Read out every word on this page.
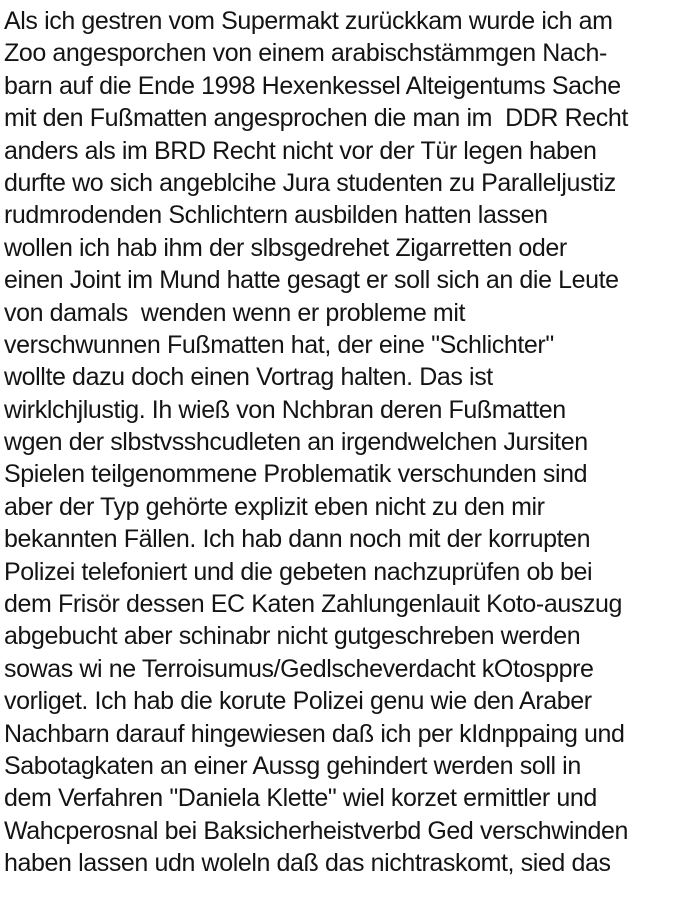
Als ich gestren vom Supermakt zurückkam wurde ich am
Zoo angesporchen von einem arabischstämmgen Nach-
barn auf die Ende 1998 Hexenkessel Alteigentums Sache
mit den Fußmatten angesprochen die man im  DDR Recht
anders als im BRD Recht nicht vor der Tür legen haben
durfte wo sich angeblcihe Jura studenten zu Paralleljustiz
rudmrodenden Schlichtern ausbilden hatten lassen
wollen ich hab ihm der slbsgedrehet Zigarretten oder
einen Joint im Mund hatte gesagt er soll sich an die Leute
von damals  wenden wenn er probleme mit
verschwunnen Fußmatten hat, der eine "Schlichter"
wollte dazu doch einen Vortrag halten. Das ist
wirklchjlustig. Ih wieß von Nchbran deren Fußmatten
wgen der slbstvsshcudleten an irgendwelchen Jursiten
Spielen teilgenommene Problematik verschunden sind
aber der Typ gehörte explizit eben nicht zu den mir
bekannten Fällen. Ich hab dann noch mit der korrupten
Polizei telefoniert und die gebeten nachzuprüfen ob bei
dem Frisör dessen EC Katen Zahlungenlauit Koto-auszug
abgebucht aber schinabr nicht gutgeschreben werden
sowas wi ne Terroisumus/Gedlscheverdacht kOtosppre
vorliget. Ich hab die korute Polizei genu wie den Araber
Nachbarn darauf hingewiesen daß ich per kIdnppaing und
Sabotagkaten an einer Aussg gehindert werden soll in
dem Verfahren "Daniela Klette" wiel korzet ermittler und
Wahcperosnal bei Baksicherheistverbd Ged verschwinden
haben lassen udn woleln daß das nichtraskomt, sied das
